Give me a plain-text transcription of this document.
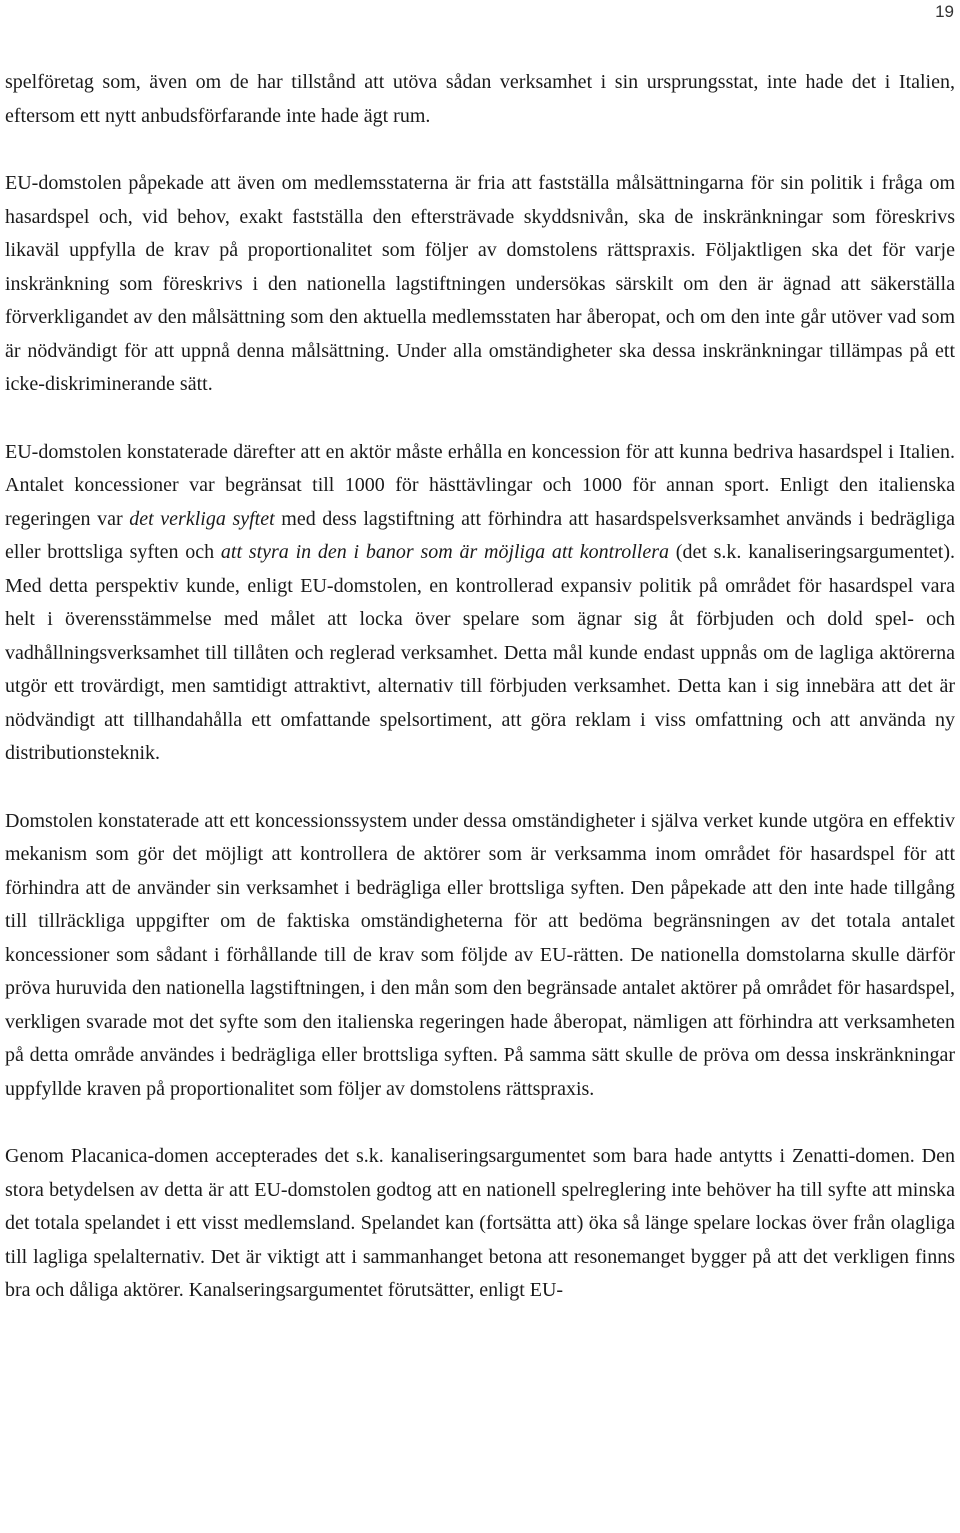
19

spelföretag som, även om de har tillstånd att utöva sådan verksamhet i sin ursprungsstat, inte hade det i Italien, eftersom ett nytt anbudsförfarande inte hade ägt rum.

EU-domstolen påpekade att även om medlemsstaterna är fria att fastställa målsättningarna för sin politik i fråga om hasardspel och, vid behov, exakt fastställa den eftersträvade skyddsnivån, ska de inskränkningar som föreskrivs likaväl uppfylla de krav på proportionalitet som följer av domstolens rättspraxis. Följaktligen ska det för varje inskränkning som föreskrivs i den nationella lagstiftningen undersökas särskilt om den är ägnad att säkerställa förverkligandet av den målsättning som den aktuella medlemsstaten har åberopat, och om den inte går utöver vad som är nödvändigt för att uppnå denna målsättning. Under alla omständigheter ska dessa inskränkningar tillämpas på ett icke-diskriminerande sätt.

EU-domstolen konstaterade därefter att en aktör måste erhålla en koncession för att kunna bedriva hasardspel i Italien. Antalet koncessioner var begränsat till 1000 för hästtävlingar och 1000 för annan sport. Enligt den italienska regeringen var det verkliga syftet med dess lagstiftning att förhindra att hasardspelsverksamhet används i bedrägliga eller brottsliga syften och att styra in den i banor som är möjliga att kontrollera (det s.k. kanaliseringsargumentet). Med detta perspektiv kunde, enligt EU-domstolen, en kontrollerad expansiv politik på området för hasardspel vara helt i överensstämmelse med målet att locka över spelare som ägnar sig åt förbjuden och dold spel- och vadhållningsverksamhet till tillåten och reglerad verksamhet. Detta mål kunde endast uppnås om de lagliga aktörerna utgör ett trovärdigt, men samtidigt attraktivt, alternativ till förbjuden verksamhet. Detta kan i sig innebära att det är nödvändigt att tillhandahålla ett omfattande spelsortiment, att göra reklam i viss omfattning och att använda ny distributionsteknik.

Domstolen konstaterade att ett koncessionssystem under dessa omständigheter i själva verket kunde utgöra en effektiv mekanism som gör det möjligt att kontrollera de aktörer som är verksamma inom området för hasardspel för att förhindra att de använder sin verksamhet i bedrägliga eller brottsliga syften. Den påpekade att den inte hade tillgång till tillräckliga uppgifter om de faktiska omständigheterna för att bedöma begränsningen av det totala antalet koncessioner som sådant i förhållande till de krav som följde av EU-rätten. De nationella domstolarna skulle därför pröva huruvida den nationella lagstiftningen, i den mån som den begränsade antalet aktörer på området för hasardspel, verkligen svarade mot det syfte som den italienska regeringen hade åberopat, nämligen att förhindra att verksamheten på detta område användes i bedrägliga eller brottsliga syften. På samma sätt skulle de pröva om dessa inskränkningar uppfyllde kraven på proportionalitet som följer av domstolens rättspraxis.

Genom Placanica-domen accepterades det s.k. kanaliseringsargumentet som bara hade antytts i Zenatti-domen. Den stora betydelsen av detta är att EU-domstolen godtog att en nationell spelreglering inte behöver ha till syfte att minska det totala spelandet i ett visst medlemsland. Spelandet kan (fortsätta att) öka så länge spelare lockas över från olagliga till lagliga spelalternativ. Det är viktigt att i sammanhanget betona att resonemanget bygger på att det verkligen finns bra och dåliga aktörer. Kanalseringsargumentet förutsätter, enligt EU-
